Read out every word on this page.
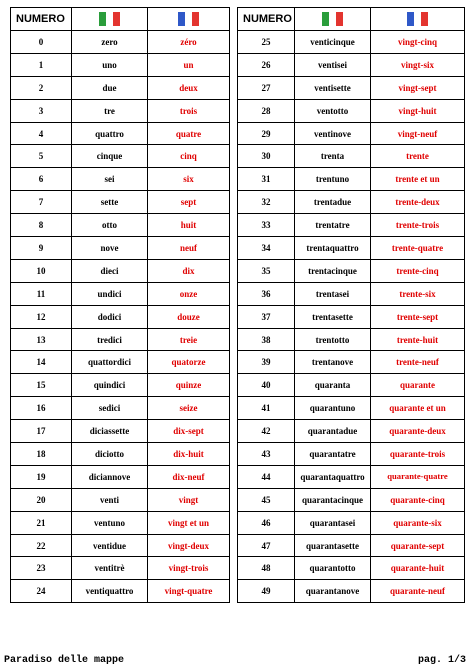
NUMERO	

0	zero	zéro
1	uno	un
2	due	deux
3	tre	trois
4	quattro	quatre
5	cinque	cinq
6	sei	six
7	sette	sept
8	otto	huit
9	nove	neuf
10	dieci	dix
11	undici	onze
12	dodici	douze
13	tredici	treie
14	quattordici	quatorze
15	quindici	quinze
16	sedici	seize
17	diciassette	dix-sept
18	diciotto	dix-huit
19	diciannove	dix-neuf
20	venti	vingt
21	ventuno	vingt et un
22	ventidue	vingt-deux
23	ventitrè	vingt-trois
24	ventiquattro	vingt-quatre
NUMERO	

25	venticinque	vingt-cinq
26	ventisei	vingt-six
27	ventisette	vingt-sept
28	ventotto	vingt-huit
29	ventinove	vingt-neuf
30	trenta	trente
31	trentuno	trente et un
32	trentadue	trente-deux
33	trentatre	trente-trois
34	trentaquattro	trente-quatre
35	trentacinque	trente-cinq
36	trentasei	trente-six
37	trentasette	trente-sept
38	trentotto	trente-huit
39	trentanove	trente-neuf
40	quaranta	quarante
41	quarantuno	quarante et un
42	quarantadue	quarante-deux
43	quarantatre	quarante-trois
44	quarantaquattro	quarante-quatre
45	quarantacinque	quarante-cinq
46	quarantasei	quarante-six
47	quarantasette	quarante-sept
48	quarantotto	quarante-huit
49	quarantanove	quarante-neuf
Paradiso delle mappe	pag. 1/3
